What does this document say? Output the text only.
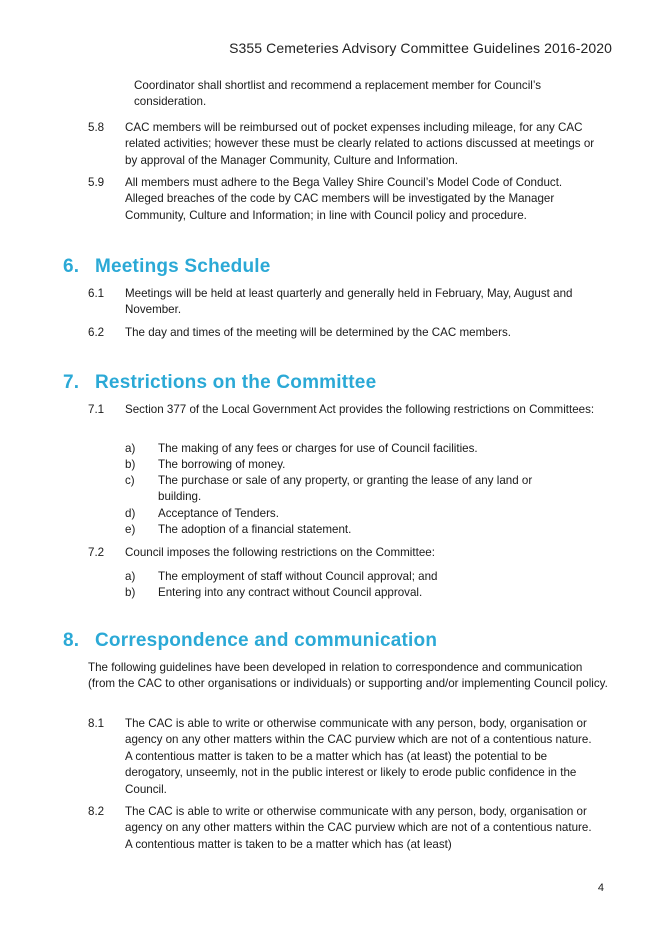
S355 Cemeteries Advisory Committee Guidelines 2016-2020
Coordinator shall shortlist and recommend a replacement member for Council’s consideration.
5.8	CAC members will be reimbursed out of pocket expenses including mileage, for any CAC related activities; however these must be clearly related to actions discussed at meetings or by approval of the Manager Community, Culture and Information.
5.9	All members must adhere to the Bega Valley Shire Council’s Model Code of Conduct. Alleged breaches of the code by CAC members will be investigated by the Manager Community, Culture and Information; in line with Council policy and procedure.
6. Meetings Schedule
6.1	Meetings will be held at least quarterly and generally held in February, May, August and November.
6.2	The day and times of the meeting will be determined by the CAC members.
7. Restrictions on the Committee
7.1	Section 377 of the Local Government Act provides the following restrictions on Committees:
a)	The making of any fees or charges for use of Council facilities.
b)	The borrowing of money.
c)	The purchase or sale of any property, or granting the lease of any land or building.
d)	Acceptance of Tenders.
e)	The adoption of a financial statement.
7.2	Council imposes the following restrictions on the Committee:
a)	The employment of staff without Council approval; and
b)	Entering into any contract without Council approval.
8. Correspondence and communication
The following guidelines have been developed in relation to correspondence and communication (from the CAC to other organisations or individuals) or supporting and/or implementing Council policy.
8.1	The CAC is able to write or otherwise communicate with any person, body, organisation or agency on any other matters within the CAC purview which are not of a contentious nature. A contentious matter is taken to be a matter which has (at least) the potential to be derogatory, unseemly, not in the public interest or likely to erode public confidence in the Council.
8.2	The CAC is able to write or otherwise communicate with any person, body, organisation or agency on any other matters within the CAC purview which are not of a contentious nature. A contentious matter is taken to be a matter which has (at least)
4
